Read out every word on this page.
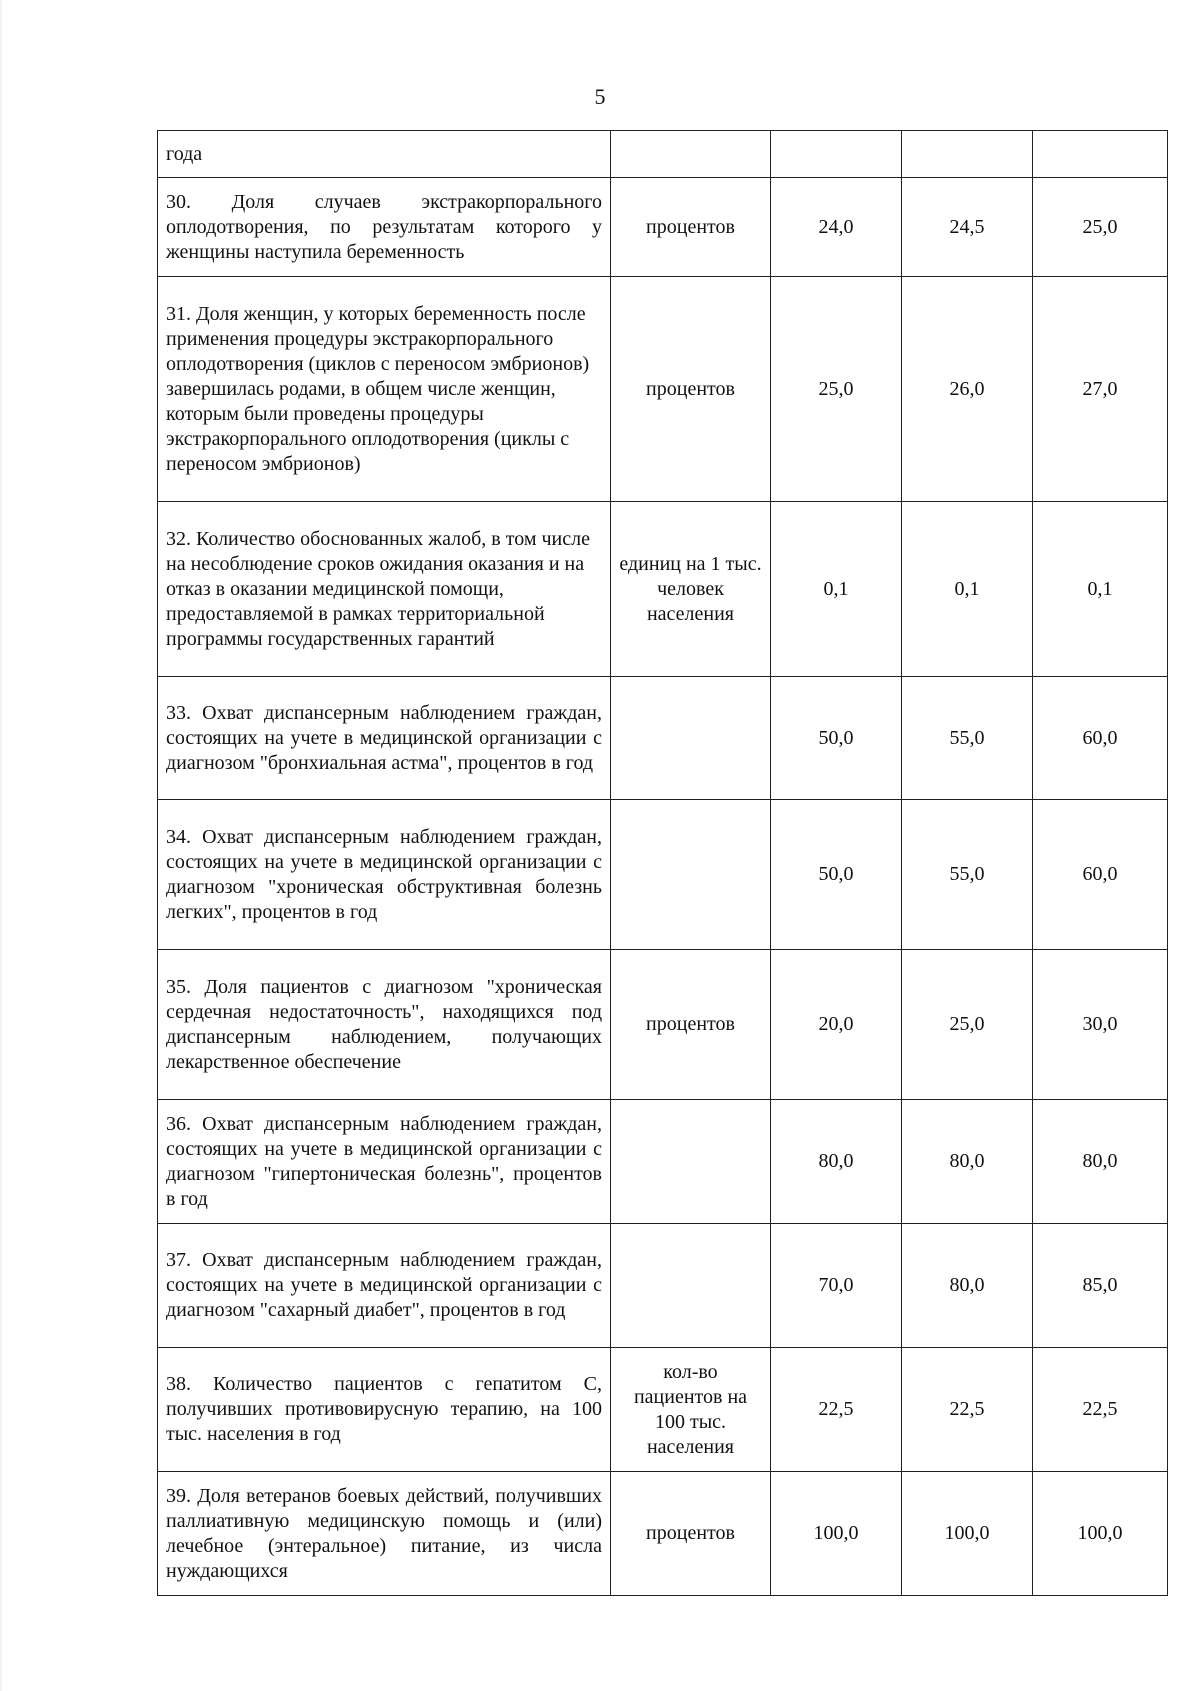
5
года				
30. Доля случаев экстракорпорального оплодотворения, по результатам которого у женщины наступила беременность	процентов	24,0	24,5	25,0
31. Доля женщин, у которых беременность после применения процедуры экстракорпорального оплодотворения (циклов с переносом эмбрионов) завершилась родами, в общем числе женщин, которым были проведены процедуры экстракорпорального оплодотворения (циклы с переносом эмбрионов)	процентов	25,0	26,0	27,0
32. Количество обоснованных жалоб, в том числе на несоблюдение сроков ожидания оказания и на отказ в оказании медицинской помощи, предоставляемой в рамках территориальной программы государственных гарантий	единиц на 1 тыс. человек населения	0,1	0,1	0,1
33. Охват диспансерным наблюдением граждан, состоящих на учете в медицинской организации с диагнозом "бронхиальная астма", процентов в год		50,0	55,0	60,0
34. Охват диспансерным наблюдением граждан, состоящих на учете в медицинской организации с диагнозом "хроническая обструктивная болезнь легких", процентов в год		50,0	55,0	60,0
35. Доля пациентов с диагнозом "хроническая сердечная недостаточность", находящихся под диспансерным наблюдением, получающих лекарственное обеспечение	процентов	20,0	25,0	30,0
36. Охват диспансерным наблюдением граждан, состоящих на учете в медицинской организации с диагнозом "гипертоническая болезнь", процентов в год		80,0	80,0	80,0
37. Охват диспансерным наблюдением граждан, состоящих на учете в медицинской организации с диагнозом "сахарный диабет", процентов в год		70,0	80,0	85,0
38. Количество пациентов с гепатитом С, получивших противовирусную терапию, на 100 тыс. населения в год	кол-во пациентов на 100 тыс. населения	22,5	22,5	22,5
39. Доля ветеранов боевых действий, получивших паллиативную медицинскую помощь и (или) лечебное (энтеральное) питание, из числа нуждающихся	процентов	100,0	100,0	100,0
